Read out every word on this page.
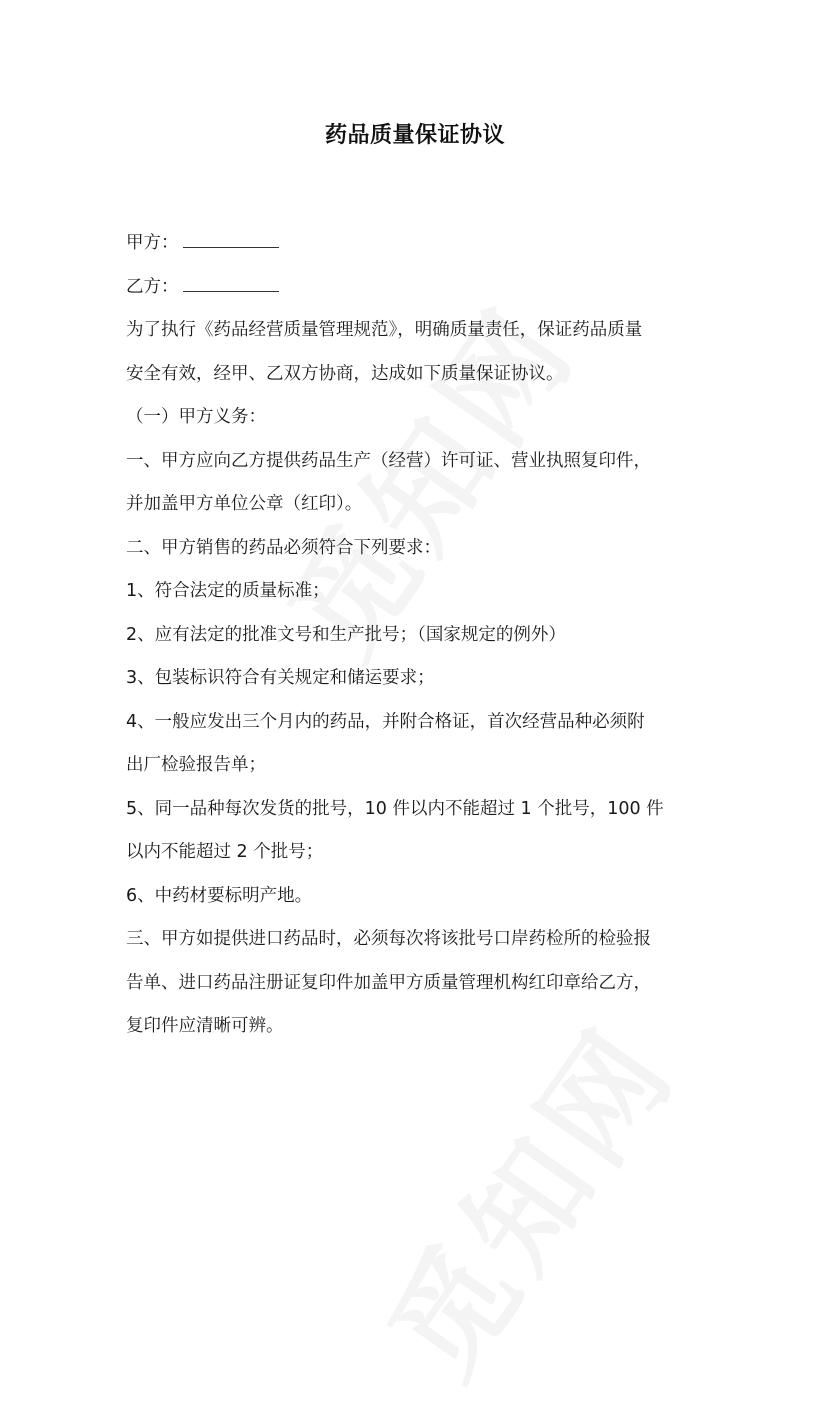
药品质量保证协议
甲方：
乙方：
为了执行《药品经营质量管理规范》，明确质量责任，保证药品质量
安全有效，经甲、乙双方协商，达成如下质量保证协议。
（一）甲方义务：
一、甲方应向乙方提供药品生产（经营）许可证、营业执照复印件，
并加盖甲方单位公章（红印）。
二、甲方销售的药品必须符合下列要求：
1、符合法定的质量标准；
2、应有法定的批准文号和生产批号；（国家规定的例外）
3、包装标识符合有关规定和储运要求；
4、一般应发出三个月内的药品，并附合格证，首次经营品种必须附
出厂检验报告单；
5、同一品种每次发货的批号，10 件以内不能超过 1 个批号，100 件
以内不能超过 2 个批号；
6、中药材要标明产地。
三、甲方如提供进口药品时，必须每次将该批号口岸药检所的检验报
告单、进口药品注册证复印件加盖甲方质量管理机构红印章给乙方，
复印件应清晰可辨。
